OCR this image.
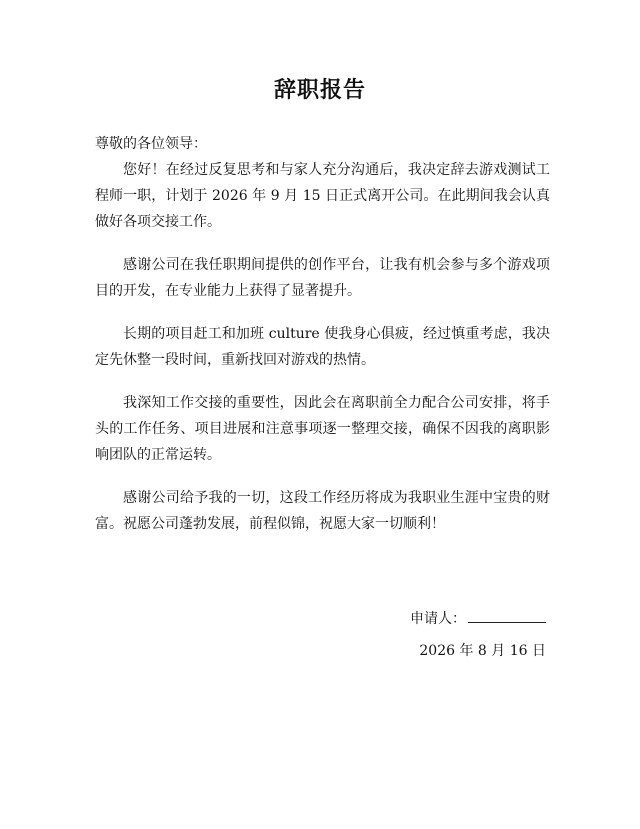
辞职报告
尊敬的各位领导：

您好！在经过反复思考和与家人充分沟通后，我决定辞去游戏测试工程师一职，计划于 2026 年 9 月 15 日正式离开公司。在此期间我会认真做好各项交接工作。

感谢公司在我任职期间提供的创作平台，让我有机会参与多个游戏项目的开发，在专业能力上获得了显著提升。

长期的项目赶工和加班 culture 使我身心俱疲，经过慎重考虑，我决定先休整一段时间，重新找回对游戏的热情。

我深知工作交接的重要性，因此会在离职前全力配合公司安排，将手头的工作任务、项目进展和注意事项逐一整理交接，确保不因我的离职影响团队的正常运转。

感谢公司给予我的一切，这段工作经历将成为我职业生涯中宝贵的财富。祝愿公司蓬勃发展，前程似锦，祝愿大家一切顺利！

申请人：
2026 年 8 月 16 日
